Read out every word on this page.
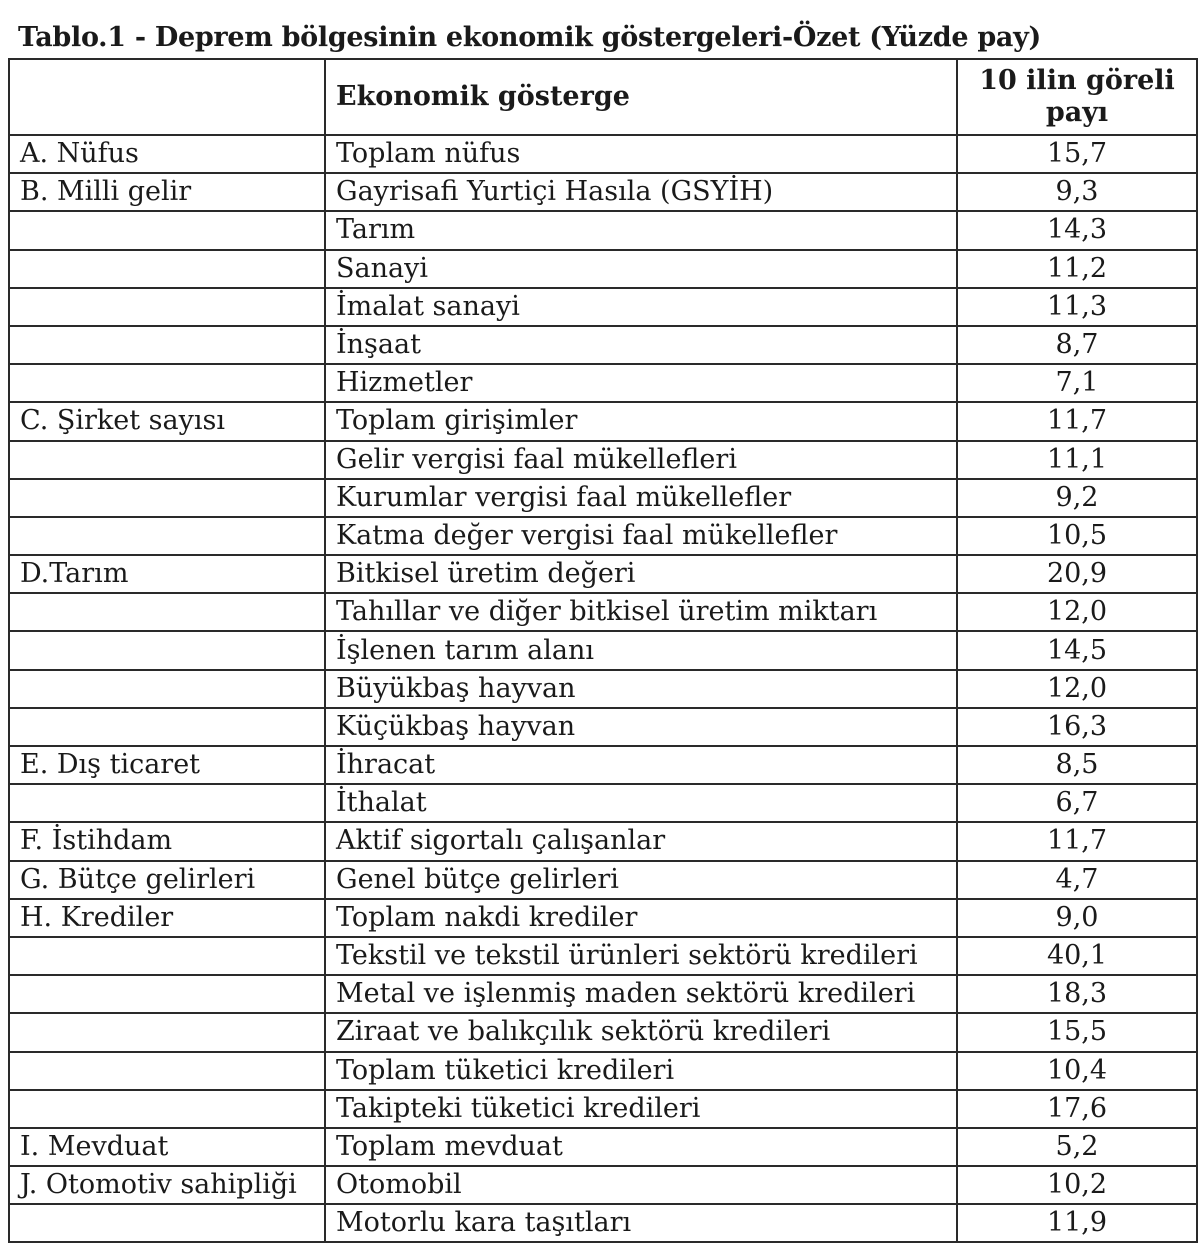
Tablo.1 - Deprem bölgesinin ekonomik göstergeleri-Özet (Yüzde pay)
	Ekonomik gösterge	10 ilin göreli
payı
A. Nüfus	Toplam nüfus	15,7
B. Milli gelir	Gayrisafi Yurtiçi Hasıla (GSYİH)	9,3
	Tarım	14,3
	Sanayi	11,2
	İmalat sanayi	11,3
	İnşaat	8,7
	Hizmetler	7,1
C. Şirket sayısı	Toplam girişimler	11,7
	Gelir vergisi faal mükellefleri	11,1
	Kurumlar vergisi faal mükellefler	9,2
	Katma değer vergisi faal mükellefler	10,5
D.Tarım	Bitkisel üretim değeri	20,9
	Tahıllar ve diğer bitkisel üretim miktarı	12,0
	İşlenen tarım alanı	14,5
	Büyükbaş hayvan	12,0
	Küçükbaş hayvan	16,3
E. Dış ticaret	İhracat	8,5
	İthalat	6,7
F. İstihdam	Aktif sigortalı çalışanlar	11,7
G. Bütçe gelirleri	Genel bütçe gelirleri	4,7
H. Krediler	Toplam nakdi krediler	9,0
	Tekstil ve tekstil ürünleri sektörü kredileri	40,1
	Metal ve işlenmiş maden sektörü kredileri	18,3
	Ziraat ve balıkçılık sektörü kredileri	15,5
	Toplam tüketici kredileri	10,4
	Takipteki tüketici kredileri	17,6
I. Mevduat	Toplam mevduat	5,2
J. Otomotiv sahipliği	Otomobil	10,2
	Motorlu kara taşıtları	11,9
